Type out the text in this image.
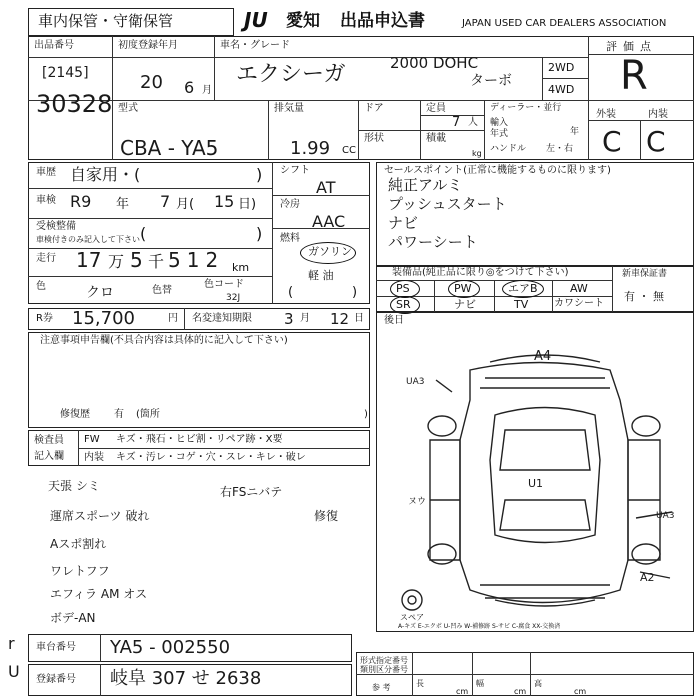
車内保管・守衛保管	JU 愛知 出品申込書	JAPAN USED CAR DEALERS ASSOCIATION
出品番号
[2145]
30328
初度登録年月
20 6 月
車名・グレード
エクシーガ	2000 DOHC
ターボ
2WD
4WD
評価点
R
型式
CBA - YA5
排気量
1.99 CC
ドア
形状
定員
7 人
積載
kg
ディーラー・並行
輸入
年式	年
ハンドル 左・右
外装	内装
C C
車歴 自家用・(	)
車検 R9 年 7 月( 15 日)
受検整備
車検付きのみ記入して下さい (	)
走行 17 万 5 千 512 km
色	クロ	色替
色コード
32J
シフト
AT
冷房
AAC
燃料
ガソリン
軽 油
(	)
セールスポイント(正常に機能するものに限ります)
純正アルミ
プッシュスタート
ナビ
パワーシート
装備品(純正品に限り◎をつけて下さい)
PS	PW	エアB	AW
SR	ナビ	TV	カワシート
新車保証書
有 ・ 無
R券 15,700	円 名変達知期限 3 月 12 日
注意事項申告欄(不具合内容は具体的に記入して下さい)
修復歴 有 (箇所	)
後日
検査員
記入欄
FW キズ・飛石・ヒビ割・リペア跡・X要
内装 キズ・汚レ・コゲ・穴・スレ・キレ・破レ
天張 シミ
運席スポーツ 破れ
Aスポ割れ
ワレトフフ
エフィラ AM オス
ボデ-AN
右FSニバテ
修復
A4
UA3
UA3
U1
A2
ヌウ
スペア
A-キズ E-エクボ U-凹み W-補修跡 S-サビ C-腐食 XX-交換済
車台番号 YA5 - 002550
登録番号 岐阜 307 せ 2638
r
U
形式指定番号
類別区分番号
参 考	長
cm
幅
cm
高
cm
